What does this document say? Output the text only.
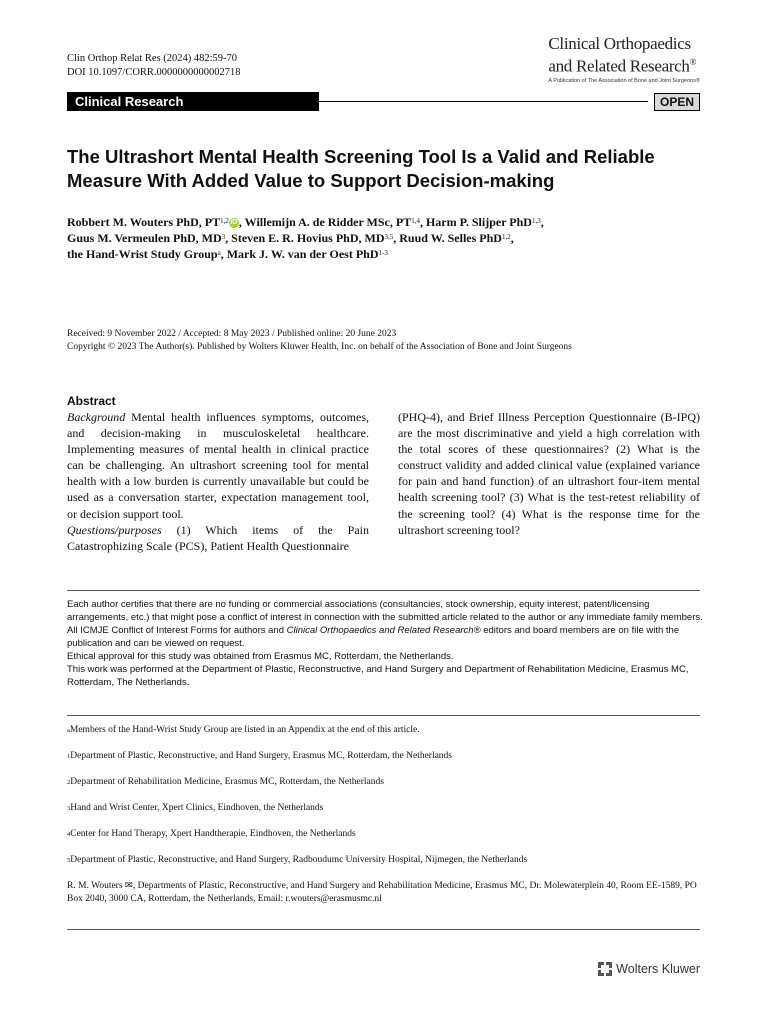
Clin Orthop Relat Res (2024) 482:59-70
DOI 10.1097/CORR.0000000000002718
Clinical Orthopaedics
and Related Research®
A Publication of The Association of Bone and Joint Surgeons®
Clinical Research	OPEN
The Ultrashort Mental Health Screening Tool Is a Valid and Reliable Measure With Added Value to Support Decision-making
Robbert M. Wouters PhD, PT$^{1,2}$ iD , Willemijn A. de Ridder MSc, PT$^{1,4}$, Harm P. Slijper PhD$^{1,3}$,
Guus M. Vermeulen PhD, $MD^3$, Steven E. R. Hovius PhD, MD$^{3,5}$, Ruud W. Selles PhD$^{1,2}$,
the Hand-Wrist Study Group$^a$, Mark J. W. van der Oest PhD$^{1-3}$
Received: 9 November 2022 / Accepted: 8 May 2023 / Published online: 20 June 2023
Copyright © 2023 The Author(s). Published by Wolters Kluwer Health, Inc. on behalf of the Association of Bone and Joint Surgeons
Abstract
Background Mental health influences symptoms, outcomes, and decision-making in musculoskeletal healthcare. Implementing measures of mental health in clinical practice can be challenging. An ultrashort screening tool for mental health with a low burden is currently unavailable but could be used as a conversation starter, expectation management tool, or decision support tool.
Questions/purposes (1) Which items of the Pain Catastrophizing Scale (PCS), Patient Health Questionnaire
(PHQ-4), and Brief Illness Perception Questionnaire (B-IPQ) are the most discriminative and yield a high correlation with the total scores of these questionnaires? (2) What is the construct validity and added clinical value (explained variance for pain and hand function) of an ultrashort four-item mental health screening tool? (3) What is the test-retest reliability of the screening tool? (4) What is the response time for the ultrashort screening tool?

Each author certifies that there are no funding or commercial associations (consultancies, stock ownership, equity interest, patent/licensing arrangements, etc.) that might pose a conflict of interest in connection with the submitted article related to the author or any immediate family members.

All ICMJE Conflict of Interest Forms for authors and Clinical Orthopaedics and Related Research® editors and board members are on file with the publication and can be viewed on request.

Ethical approval for this study was obtained from Erasmus MC, Rotterdam, the Netherlands.

This work was performed at the Department of Plastic, Reconstructive, and Hand Surgery and Department of Rehabilitation Medicine, Erasmus MC, Rotterdam, The Netherlands.

$^a$Members of the Hand-Wrist Study Group are listed in an Appendix at the end of this article.
$^1$Department of Plastic, Reconstructive, and Hand Surgery, Erasmus MC, Rotterdam, the Netherlands
$^2$Department of Rehabilitation Medicine, Erasmus MC, Rotterdam, the Netherlands
$^3$Hand and Wrist Center, Xpert Clinics, Eindhoven, the Netherlands
$^4$Center for Hand Therapy, Xpert Handtherapie, Eindhoven, the Netherlands
$^5$Department of Plastic, Reconstructive, and Hand Surgery, Radboudumc University Hospital, Nijmegen, the Netherlands
R. M. Wouters ✉, Departments of Plastic, Reconstructive, and Hand Surgery and Rehabilitation Medicine, Erasmus MC, Dr. Molewaterplein 40, Room EE-1589, PO Box 2040, 3000 CA, Rotterdam, the Netherlands, Email: r.wouters@erasmusmc.nl
Wolters Kluwer
